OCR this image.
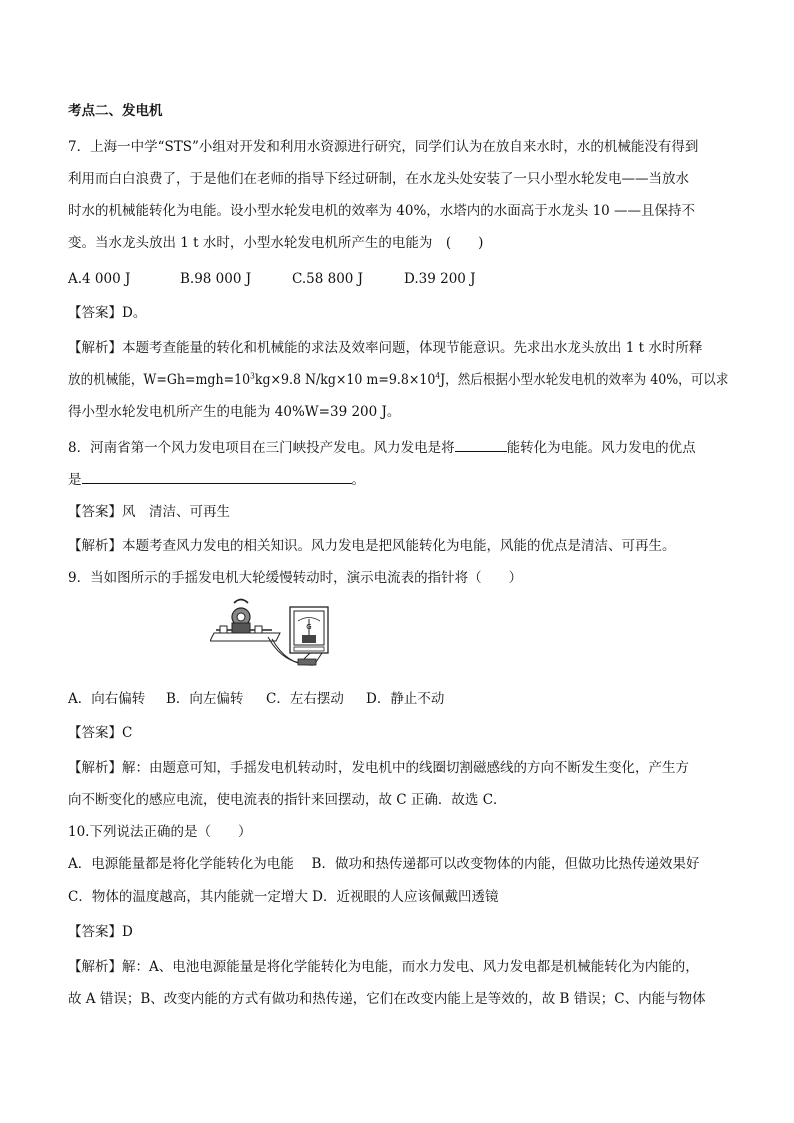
考点二、发电机
7．上海一中学“STS”小组对开发和利用水资源进行研究，同学们认为在放自来水时，水的机械能没有得到
利用而白白浪费了，于是他们在老师的指导下经过研制，在水龙头处安装了一只小型水轮发电——当放水
时水的机械能转化为电能。设小型水轮发电机的效率为 40%，水塔内的水面高于水龙头 10 ——且保持不
变。当水龙头放出 1 t 水时，小型水轮发电机所产生的电能为　(　　)
A.4 000 J	B.98 000 J	C.58 800 J	D.39 200 J
【答案】D。
【解析】本题考查能量的转化和机械能的求法及效率问题，体现节能意识。先求出水龙头放出 1 t 水时所释
放的机械能，$W=Gh=mgh=10^3kg\times 9.8$ N/kg×10 $m=9.8\times 10^4J$，然后根据小型水轮发电机的效率为 40%，可以求
得小型水轮发电机所产生的电能为 40%W=39 200 J。
8．河南省第一个风力发电项目在三门峡投产发电。风力发电是将	能转化为电能。风力发电的优点
是	。
【答案】风　清洁、可再生
【解析】本题考查风力发电的相关知识。风力发电是把风能转化为电能，风能的优点是清洁、可再生。
9．当如图所示的手摇发电机大轮缓慢转动时，演示电流表的指针将（　　）
G
A．向右偏转 B．向左偏转 C．左右摆动 D．静止不动
【答案】C
【解析】解：由题意可知，手摇发电机转动时，发电机中的线圈切割磁感线的方向不断发生变化，产生方
向不断变化的感应电流，使电流表的指针来回摆动，故 C 正确．故选 C．
10.下列说法正确的是（　　）
A．电源能量都是将化学能转化为电能　 B．做功和热传递都可以改变物体的内能，但做功比热传递效果好
C．物体的温度越高，其内能就一定增大 D．近视眼的人应该佩戴凹透镜
【答案】D
【解析】解：A、电池电源能量是将化学能转化为电能，而水力发电、风力发电都是机械能转化为内能的，
故 A 错误；B、改变内能的方式有做功和热传递，它们在改变内能上是等效的，故 B 错误；C、内能与物体
